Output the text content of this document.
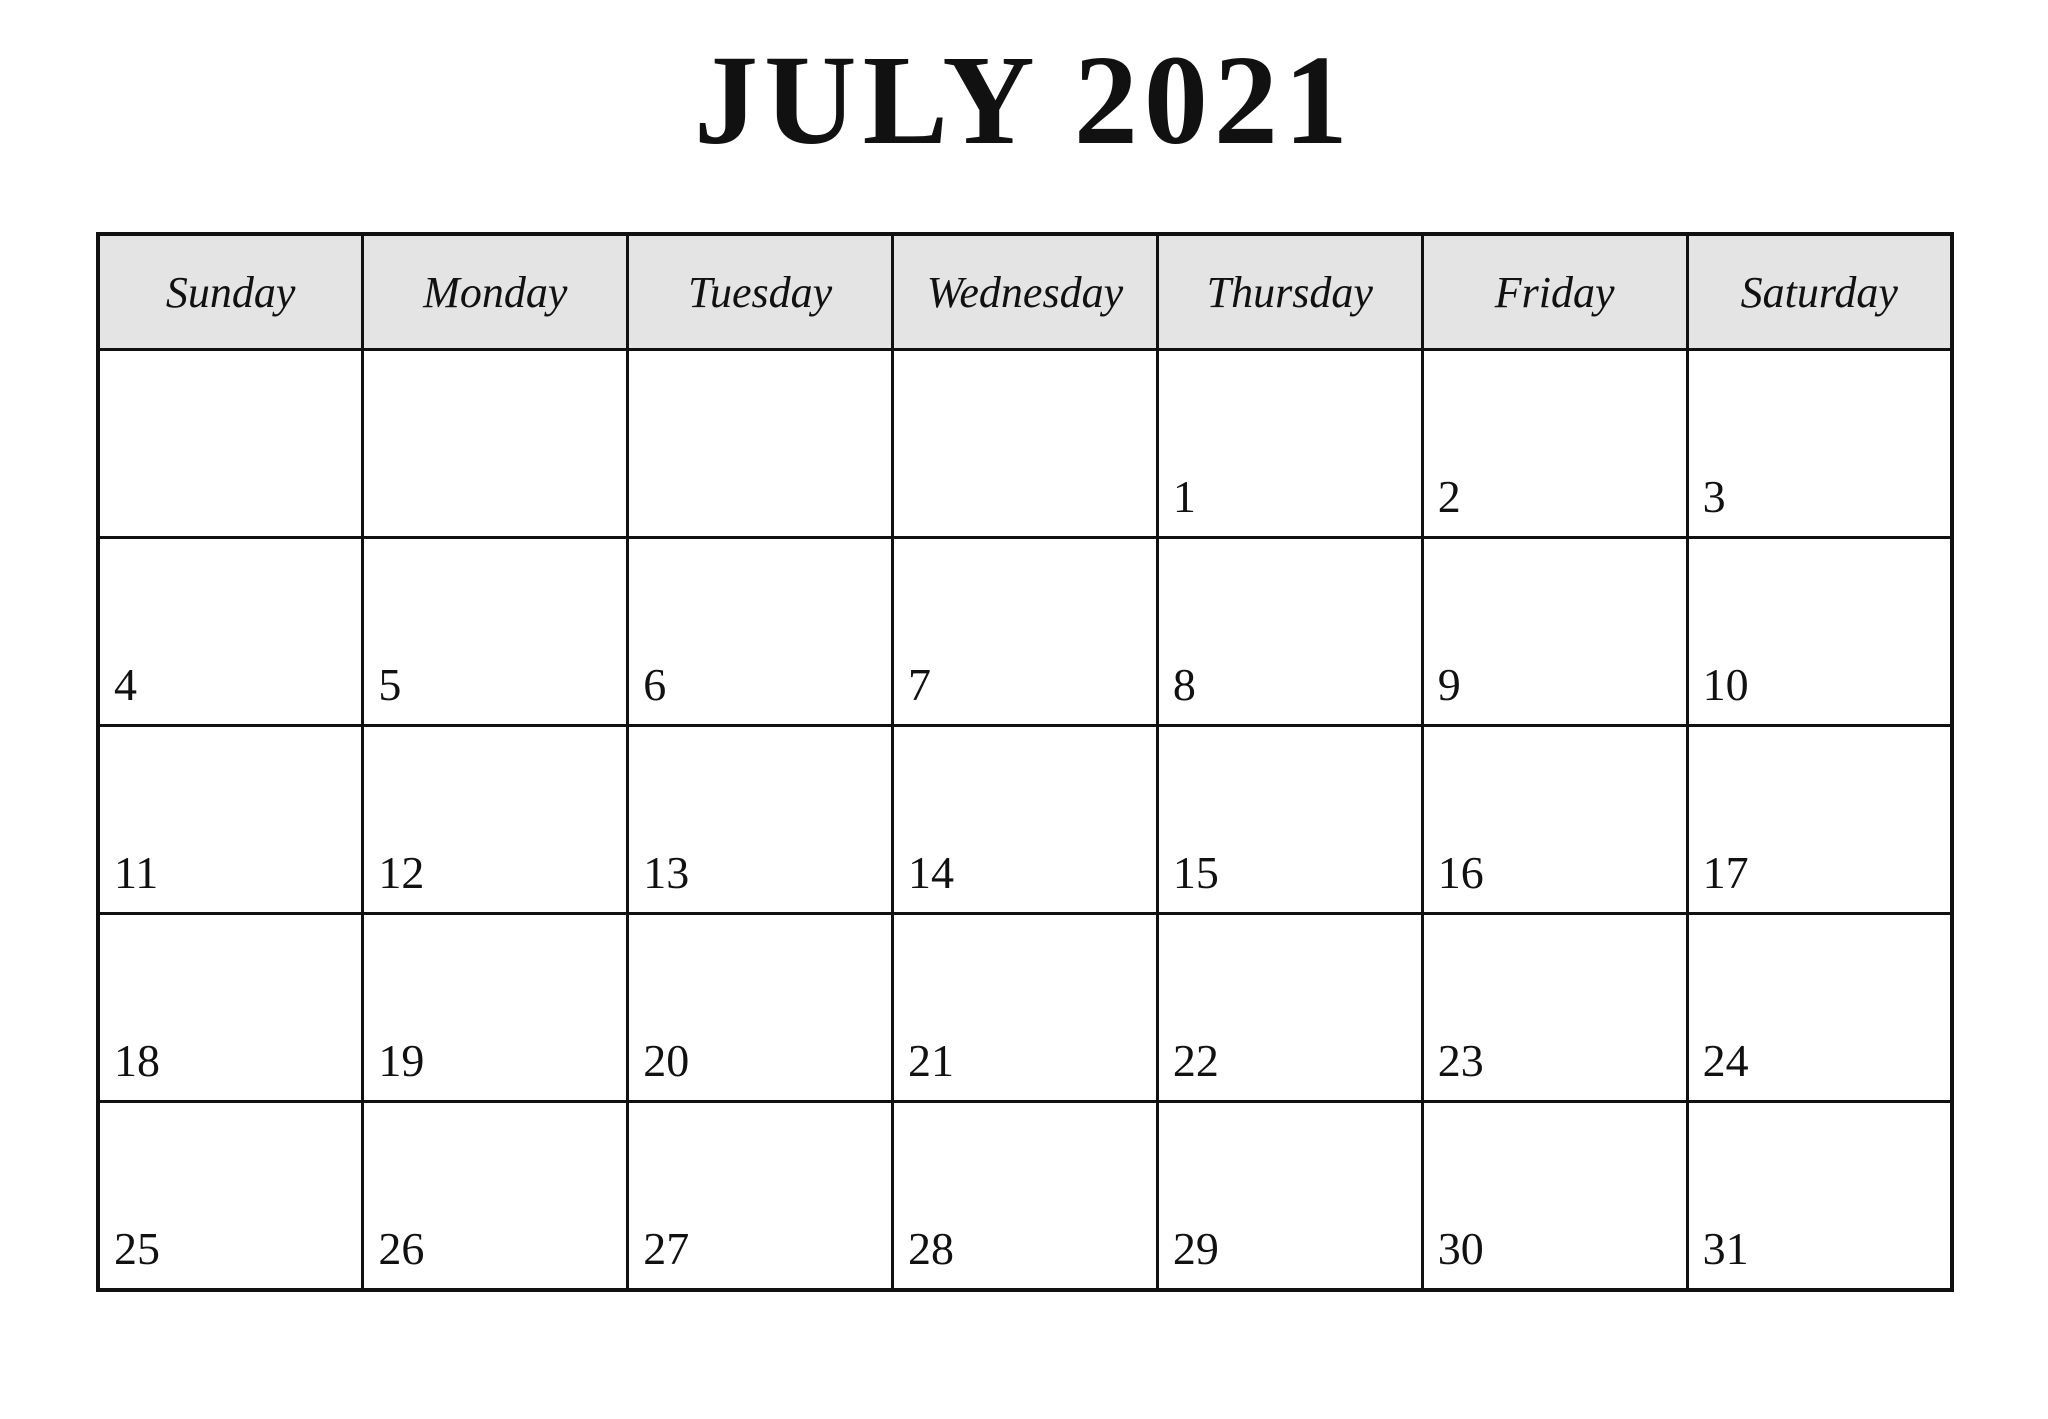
JULY 2021
Sunday	Monday	Tuesday	Wednesday	Thursday	Friday	Saturday

				1	2	3

4	5	6	7	8	9	10

11	12	13	14	15	16	17

18	19	20	21	22	23	24

25	26	27	28	29	30	31
